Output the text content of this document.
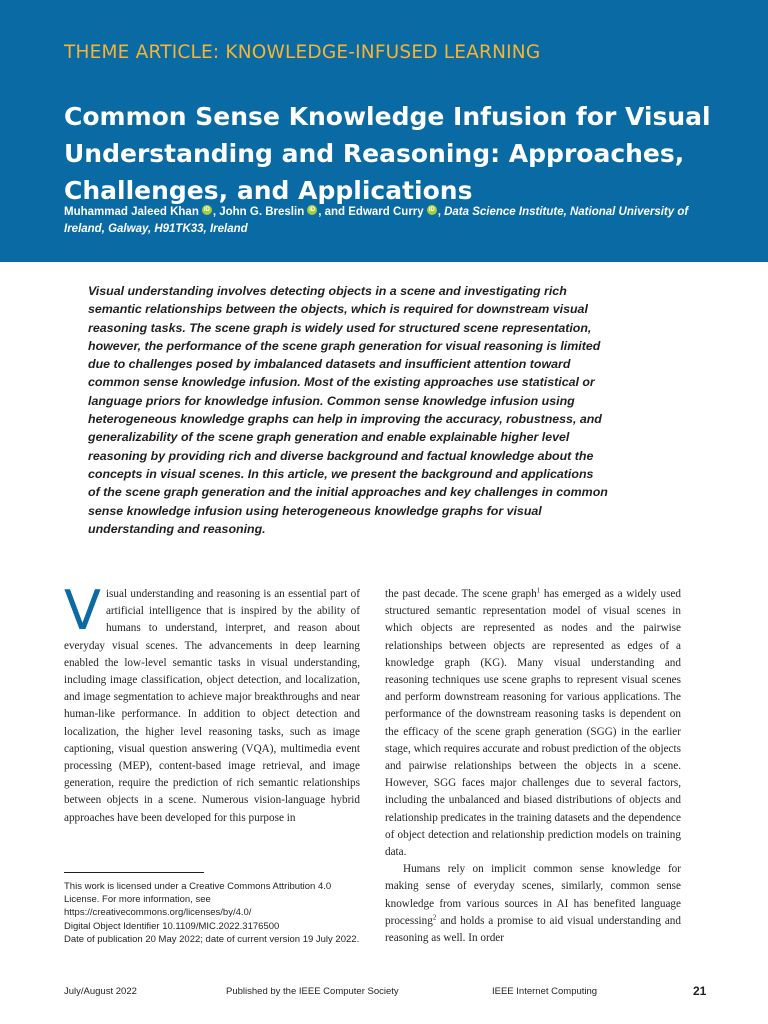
THEME ARTICLE: KNOWLEDGE-INFUSED LEARNING
Common Sense Knowledge Infusion for Visual Understanding and Reasoning: Approaches, Challenges, and Applications
Muhammad Jaleed Khan iD , John G. Breslin iD , and Edward Curry iD , Data Science Institute, National University of Ireland, Galway, H91TK33, Ireland

Visual understanding involves detecting objects in a scene and investigating rich semantic relationships between the objects, which is required for downstream visual reasoning tasks. The scene graph is widely used for structured scene representation, however, the performance of the scene graph generation for visual reasoning is limited due to challenges posed by imbalanced datasets and insufficient attention toward common sense knowledge infusion. Most of the existing approaches use statistical or language priors for knowledge infusion. Common sense knowledge infusion using heterogeneous knowledge graphs can help in improving the accuracy, robustness, and generalizability of the scene graph generation and enable explainable higher level reasoning by providing rich and diverse background and factual knowledge about the concepts in visual scenes. In this article, we present the background and applications of the scene graph generation and the initial approaches and key challenges in common sense knowledge infusion using heterogeneous knowledge graphs for visual understanding and reasoning.

Visual understanding and reasoning is an essential part of artificial intelligence that is inspired by the ability of humans to understand, interpret, and reason about everyday visual scenes. The advancements in deep learning enabled the low-level semantic tasks in visual understanding, including image classification, object detection, and localization, and image segmentation to achieve major breakthroughs and near human-like performance. In addition to object detection and localization, the higher level reasoning tasks, such as image captioning, visual question answering (VQA), multimedia event processing (MEP), content-based image retrieval, and image generation, require the prediction of rich semantic relationships between objects in a scene. Numerous vision-language hybrid approaches have been developed for this purpose in

the past decade. The scene graph$^1$ has emerged as a widely used structured semantic representation model of visual scenes in which objects are represented as nodes and the pairwise relationships between objects are represented as edges of a knowledge graph (KG). Many visual understanding and reasoning techniques use scene graphs to represent visual scenes and perform downstream reasoning for various applications. The performance of the downstream reasoning tasks is dependent on the efficacy of the scene graph generation (SGG) in the earlier stage, which requires accurate and robust prediction of the objects and pairwise relationships between the objects in a scene. However, SGG faces major challenges due to several factors, including the unbalanced and biased distributions of objects and relationship predicates in the training datasets and the dependence of object detection and relationship prediction models on training data.

Humans rely on implicit common sense knowledge for making sense of everyday scenes, similarly, common sense knowledge from various sources in AI has benefited language processing$^2$ and holds a promise to aid visual understanding and reasoning as well. In order

This work is licensed under a Creative Commons Attribution 4.0 License. For more information, see https://creativecommons.org/licenses/by/4.0/
Digital Object Identifier 10.1109/MIC.2022.3176500
Date of publication 20 May 2022; date of current version 19 July 2022.
July/August 2022	Published by the IEEE Computer Society	IEEE Internet Computing	21
